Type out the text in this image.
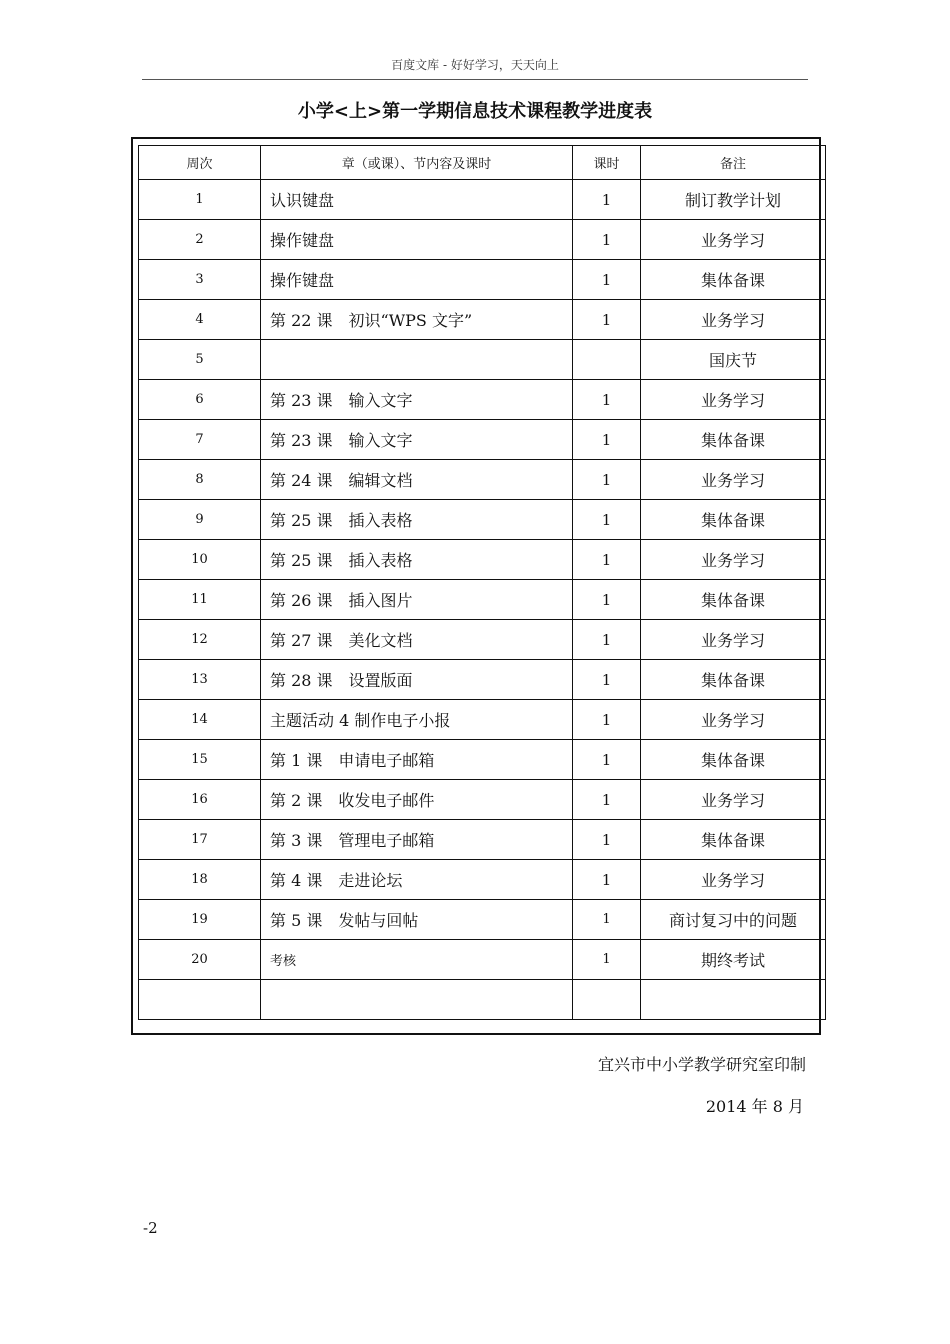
百度文库 - 好好学习，天天向上
小学<上>第一学期信息技术课程教学进度表
周次	章（或课）、节内容及课时	课时	备注
1	认识键盘	1	制订教学计划
2	操作键盘	1	业务学习
3	操作键盘	1	集体备课
4	第 22 课　初识“WPS 文字”	1	业务学习
5			国庆节
6	第 23 课　输入文字	1	业务学习
7	第 23 课　输入文字	1	集体备课
8	第 24 课　编辑文档	1	业务学习
9	第 25 课　插入表格	1	集体备课
10	第 25 课　插入表格	1	业务学习
11	第 26 课　插入图片	1	集体备课
12	第 27 课　美化文档	1	业务学习
13	第 28 课　设置版面	1	集体备课
14	主题活动 4 制作电子小报	1	业务学习
15	第 1 课　申请电子邮箱	1	集体备课
16	第 2 课　收发电子邮件	1	业务学习
17	第 3 课　管理电子邮箱	1	集体备课
18	第 4 课　走进论坛	1	业务学习
19	第 5 课　发帖与回帖	1	商讨复习中的问题
20	考核	1	期终考试

宜兴市中小学教学研究室印制
2014 年 8 月
-2
